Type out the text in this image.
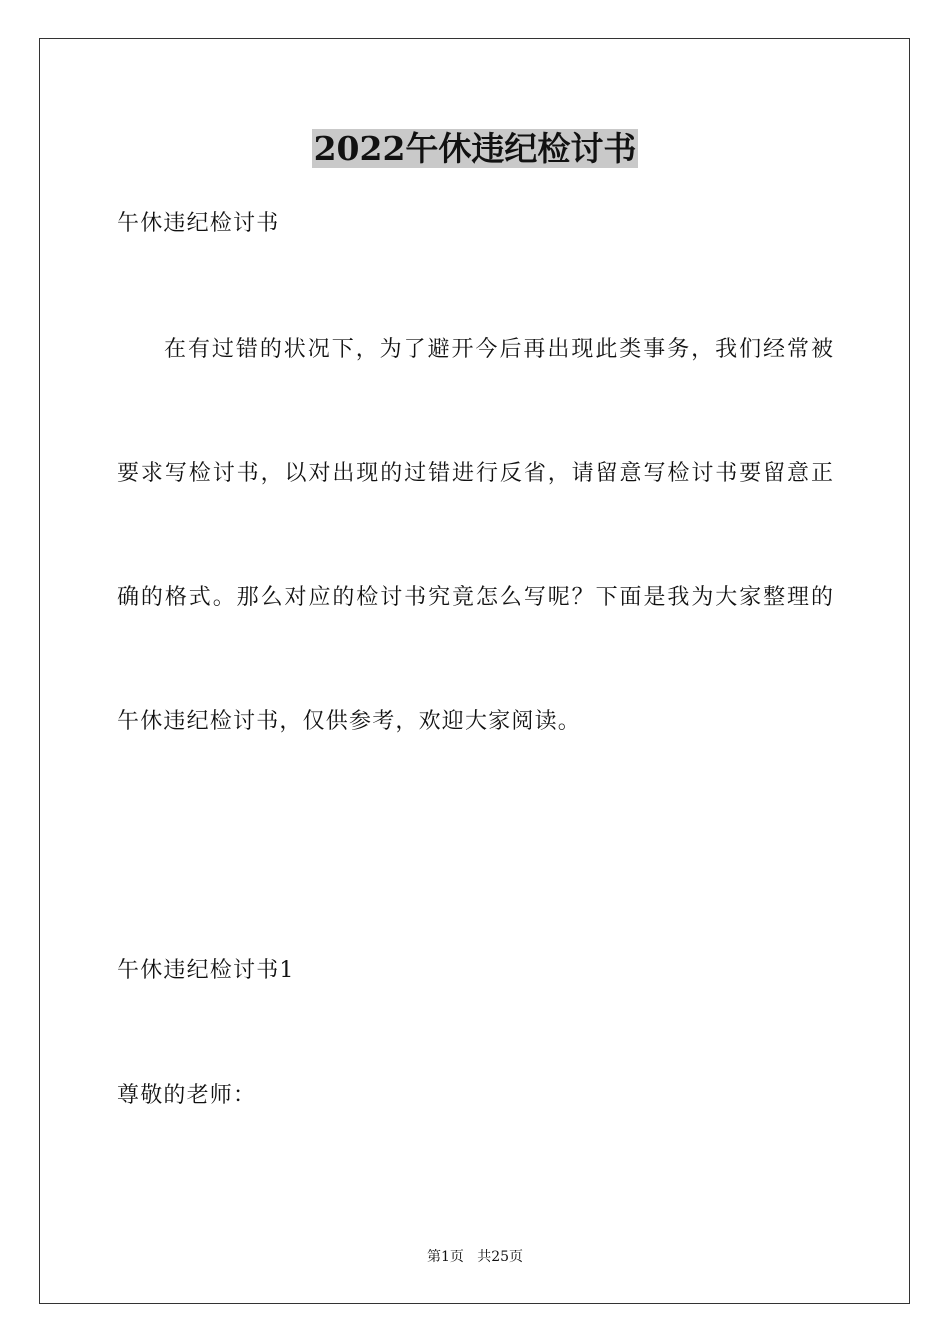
2022午休违纪检讨书
午休违纪检讨书
在有过错的状况下，为了避开今后再出现此类事务，我们经常被
要求写检讨书，以对出现的过错进行反省，请留意写检讨书要留意正
确的格式。那么对应的检讨书究竟怎么写呢？下面是我为大家整理的
午休违纪检讨书，仅供参考，欢迎大家阅读。
午休违纪检讨书1
尊敬的老师：
第1页   共25页
